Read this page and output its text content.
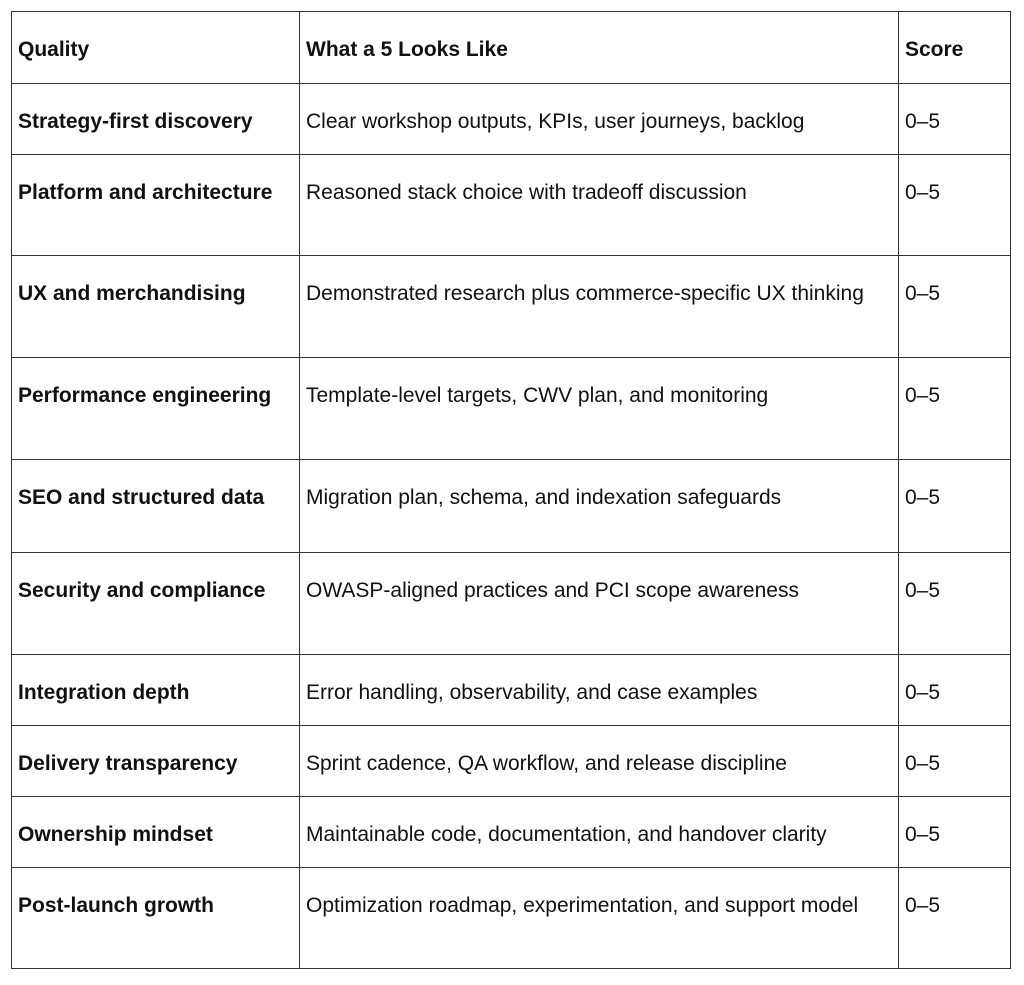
Quality	What a 5 Looks Like	Score
Strategy-first discovery	Clear workshop outputs, KPIs, user journeys, backlog	0–5
Platform and architecture	Reasoned stack choice with tradeoff discussion	0–5
UX and merchandising	Demonstrated research plus commerce-specific UX thinking	0–5
Performance engineering	Template-level targets, CWV plan, and monitoring	0–5
SEO and structured data	Migration plan, schema, and indexation safeguards	0–5
Security and compliance	OWASP-aligned practices and PCI scope awareness	0–5
Integration depth	Error handling, observability, and case examples	0–5
Delivery transparency	Sprint cadence, QA workflow, and release discipline	0–5
Ownership mindset	Maintainable code, documentation, and handover clarity	0–5
Post-launch growth	Optimization roadmap, experimentation, and support model	0–5
